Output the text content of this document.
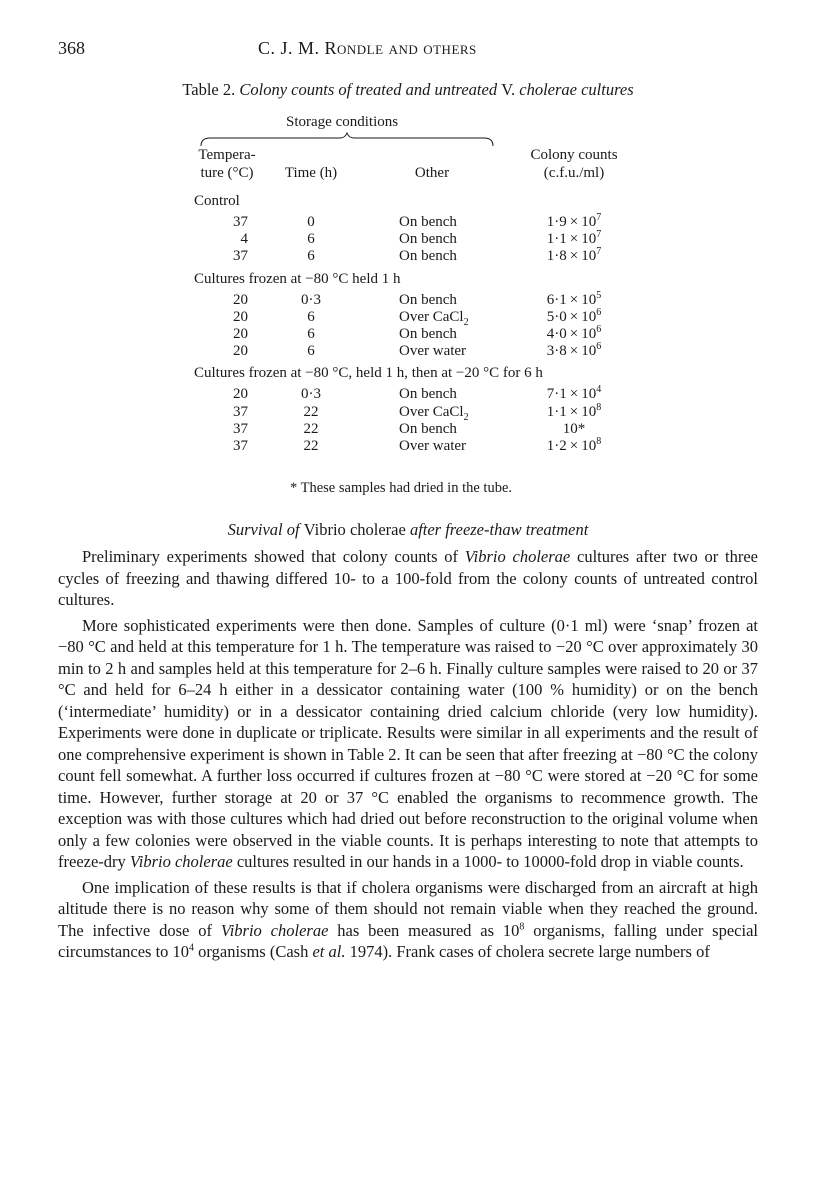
368	C. J. M. Rondle and others
Table 2. Colony counts of treated and untreated V. cholerae cultures
Storage conditions
Tempera-
ture (°C)	Time (h)	Other
Colony counts
(c.f.u./ml)
Control
37	0	On bench	$1\cdot 9 \times 10^7$
4	6	On bench	$1\cdot 1 \times 10^7$
37	6	On bench	$1\cdot 8 \times 10^7$
Cultures frozen at −80 °C held 1 h
20	0·3	On bench	$6\cdot 1 \times 10^5$
20	6	Over CaCl$_2$	$5\cdot 0 \times 10^6$
20	6	On bench	$4\cdot 0 \times 10^6$
20	6	Over water	$3\cdot 8 \times 10^6$
Cultures frozen at −80 °C, held 1 h, then at −20 °C for 6 h
20	0·3	On bench	$7\cdot 1 \times 10^4$
37	22	Over CaCl$_2$	$1\cdot 1 \times 10^8$
37	22	On bench	10*
37	22	Over water	$1\cdot 2 \times 10^8$
* These samples had dried in the tube.
Survival of Vibrio cholerae after freeze-thaw treatment

Preliminary experiments showed that colony counts of Vibrio cholerae cultures after two or three cycles of freezing and thawing differed 10- to a 100-fold from the colony counts of untreated control cultures.

More sophisticated experiments were then done. Samples of culture (0·1 ml) were ‘snap’ frozen at −80 °C and held at this temperature for 1 h. The temperature was raised to −20 °C over approximately 30 min to 2 h and samples held at this temperature for 2–6 h. Finally culture samples were raised to 20 or 37 °C and held for 6–24 h either in a dessicator containing water (100 % humidity) or on the bench (‘intermediate’ humidity) or in a dessicator containing dried calcium chloride (very low humidity). Experiments were done in duplicate or triplicate. Results were similar in all experiments and the result of one comprehensive experiment is shown in Table 2. It can be seen that after freezing at −80 °C the colony count fell somewhat. A further loss occurred if cultures frozen at −80 °C were stored at −20 °C for some time. However, further storage at 20 or 37 °C enabled the organisms to recommence growth. The exception was with those cultures which had dried out before reconstruction to the original volume when only a few colonies were observed in the viable counts. It is perhaps interesting to note that attempts to freeze-dry Vibrio cholerae cultures resulted in our hands in a 1000- to 10000-fold drop in viable counts.

One implication of these results is that if cholera organisms were discharged from an aircraft at high altitude there is no reason why some of them should not remain viable when they reached the ground. The infective dose of Vibrio cholerae has been measured as $10^8$ organisms, falling under special circumstances to $10^4$ organisms (Cash et al. 1974). Frank cases of cholera secrete large numbers of
